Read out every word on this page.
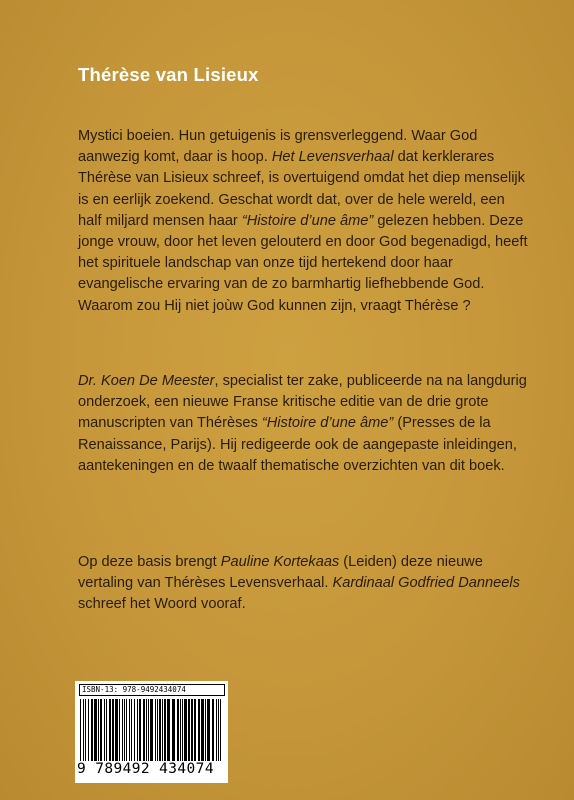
Thérèse van Lisieux

Mystici boeien. Hun getuigenis is grensverleggend. Waar God aanwezig komt, daar is hoop. Het Levensverhaal dat kerklerares Thérèse van Lisieux schreef, is overtuigend omdat het diep menselijk is en eerlijk zoekend. Geschat wordt dat, over de hele wereld, een half miljard mensen haar “Histoire d’une âme” gelezen hebben. Deze jonge vrouw, door het leven gelouterd en door God begenadigd, heeft het spirituele landschap van onze tijd hertekend door haar evangelische ervaring van de zo barmhartig liefhebbende God. Waarom zou Hij niet joùw God kunnen zijn, vraagt Thérèse ?

Dr. Koen De Meester, specialist ter zake, publiceerde na na langdurig onderzoek, een nieuwe Franse kritische editie van de drie grote manuscripten van Thérèses “Histoire d’une âme” (Presses de la Renaissance, Parijs). Hij redigeerde ook de aangepaste inleidingen, aantekeningen en de twaalf thematische overzichten van dit boek.

Op deze basis brengt Pauline Kortekaas (Leiden) deze nieuwe vertaling van Thérèses Levensverhaal. Kardinaal Godfried Danneels schreef het Woord vooraf.

ISBN-13: 978-9492434074
9 789492 434074
